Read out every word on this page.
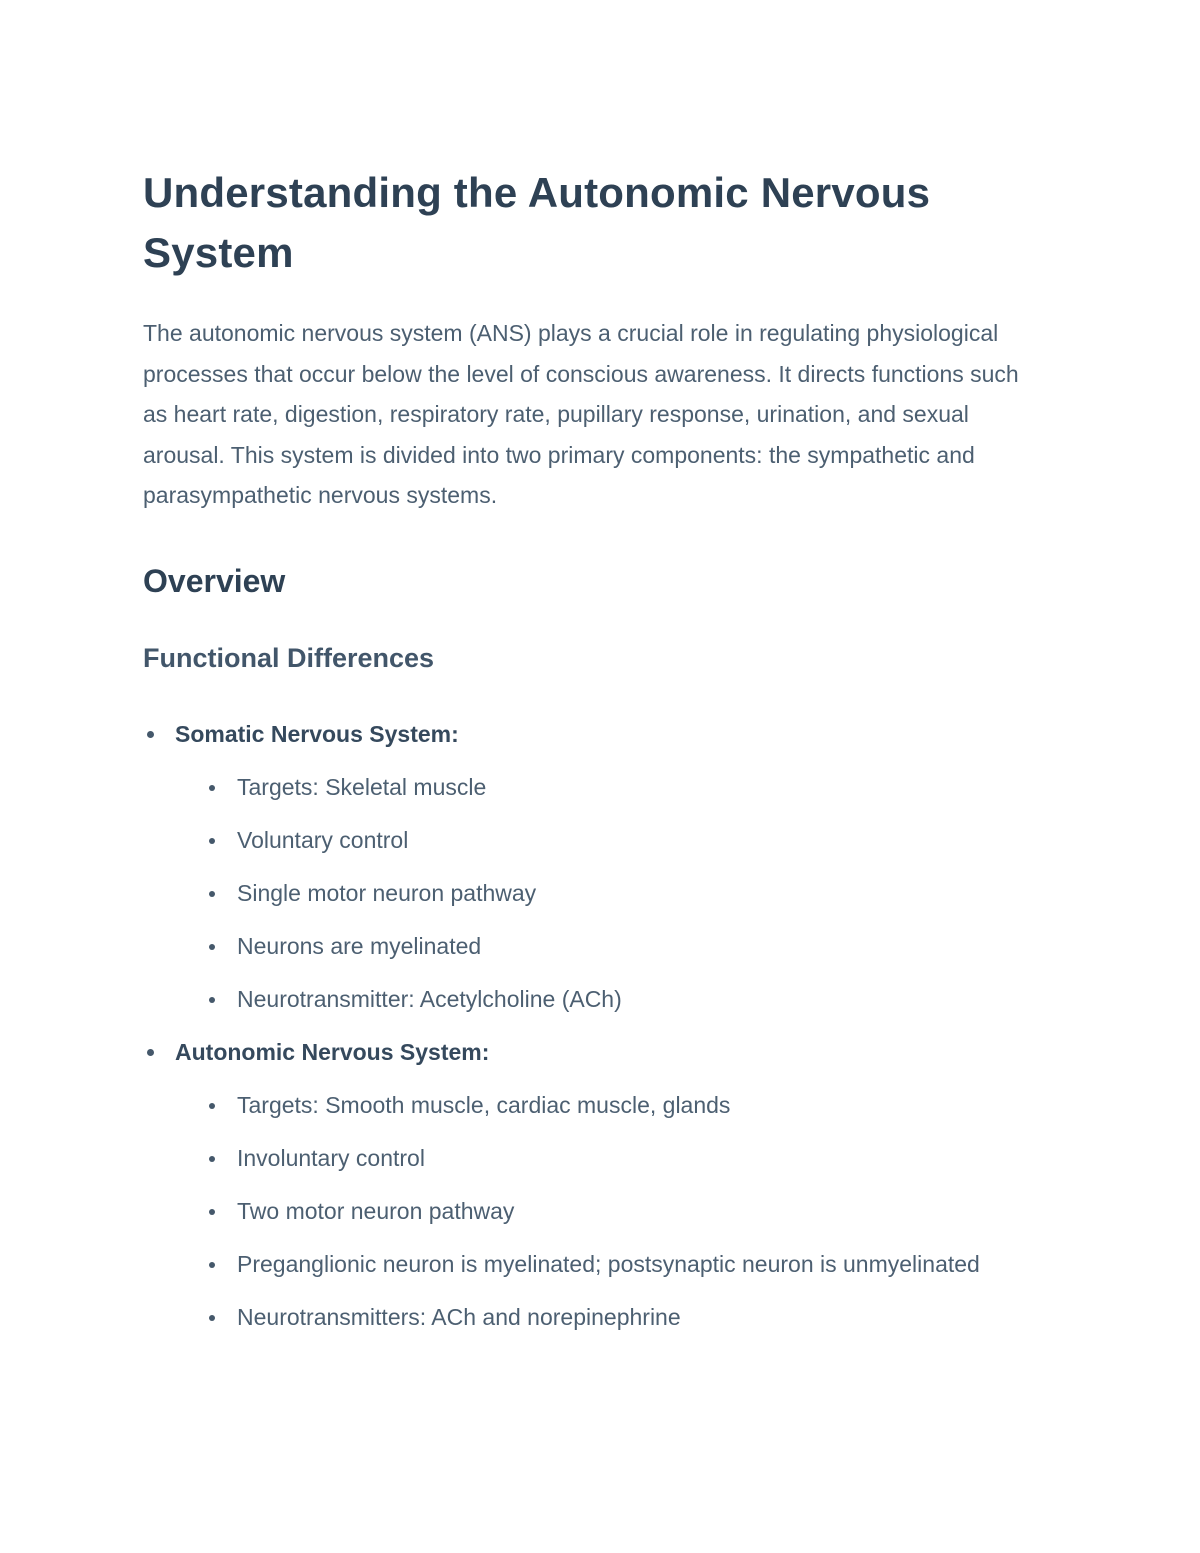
Understanding the Autonomic Nervous System

The autonomic nervous system (ANS) plays a crucial role in regulating physiological processes that occur below the level of conscious awareness. It directs functions such as heart rate, digestion, respiratory rate, pupillary response, urination, and sexual arousal. This system is divided into two primary components: the sympathetic and parasympathetic nervous systems.

Overview
Functional Differences
Somatic Nervous System:
Targets: Skeletal muscle
Voluntary control
Single motor neuron pathway
Neurons are myelinated
Neurotransmitter: Acetylcholine (ACh)
Autonomic Nervous System:
Targets: Smooth muscle, cardiac muscle, glands
Involuntary control
Two motor neuron pathway
Preganglionic neuron is myelinated; postsynaptic neuron is unmyelinated
Neurotransmitters: ACh and norepinephrine
